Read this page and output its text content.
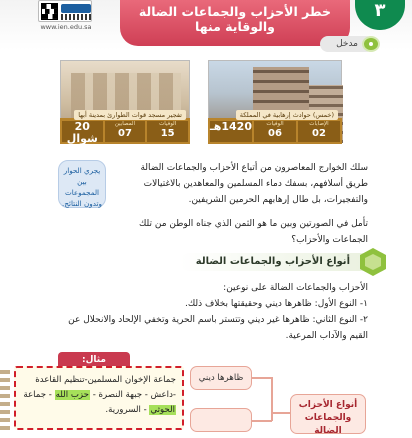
www.ien.edu.sa
خطر الأحزاب والجماعات الضالة
والوقاية منها
٣
مدخل
تفجير مسجد قوات الطوارئ بمدينة أبها
الوفيات
15
المصابين
07
20 شوال
1436هـ
(خمس) حوادث إرهابية في المملكة
الإصابات
02
الوفيات
06
1420هـ
يجري الحوار بين المجموعات وتدون النتائج.
سلك الخوارج المعاصرون من أتباع الأحزاب والجماعات الضالة طريق أسلافهم، بسفك دماء المسلمين والمعاهدين بالاغتيالات والتفجيرات، بل طال إرهابهم الحرمين الشريفين.
تأمل في الصورتين وبين ما هو الثمن الذي جناه الوطن من تلك الجماعات والأحزاب؟
أنواع الأحزاب والجماعات الضالة
الأحزاب والجماعات الضالة على نوعين:
١- النوع الأول: ظاهرها ديني وحقيقتها بخلاف ذلك.
٢- النوع الثاني: ظاهرها غير ديني وتتستر باسم الحرية وتخفي الإلحاد والانحلال عن القيم والآداب المرعية.
مثال:
جماعة الإخوان المسلمين-تنظيم القاعدة -داعش - جبهة النصرة - حزب الله - جماعة الحوثي - السرورية.
ظاهرها ديني
أنواع الأحزاب والجماعات الضالة
